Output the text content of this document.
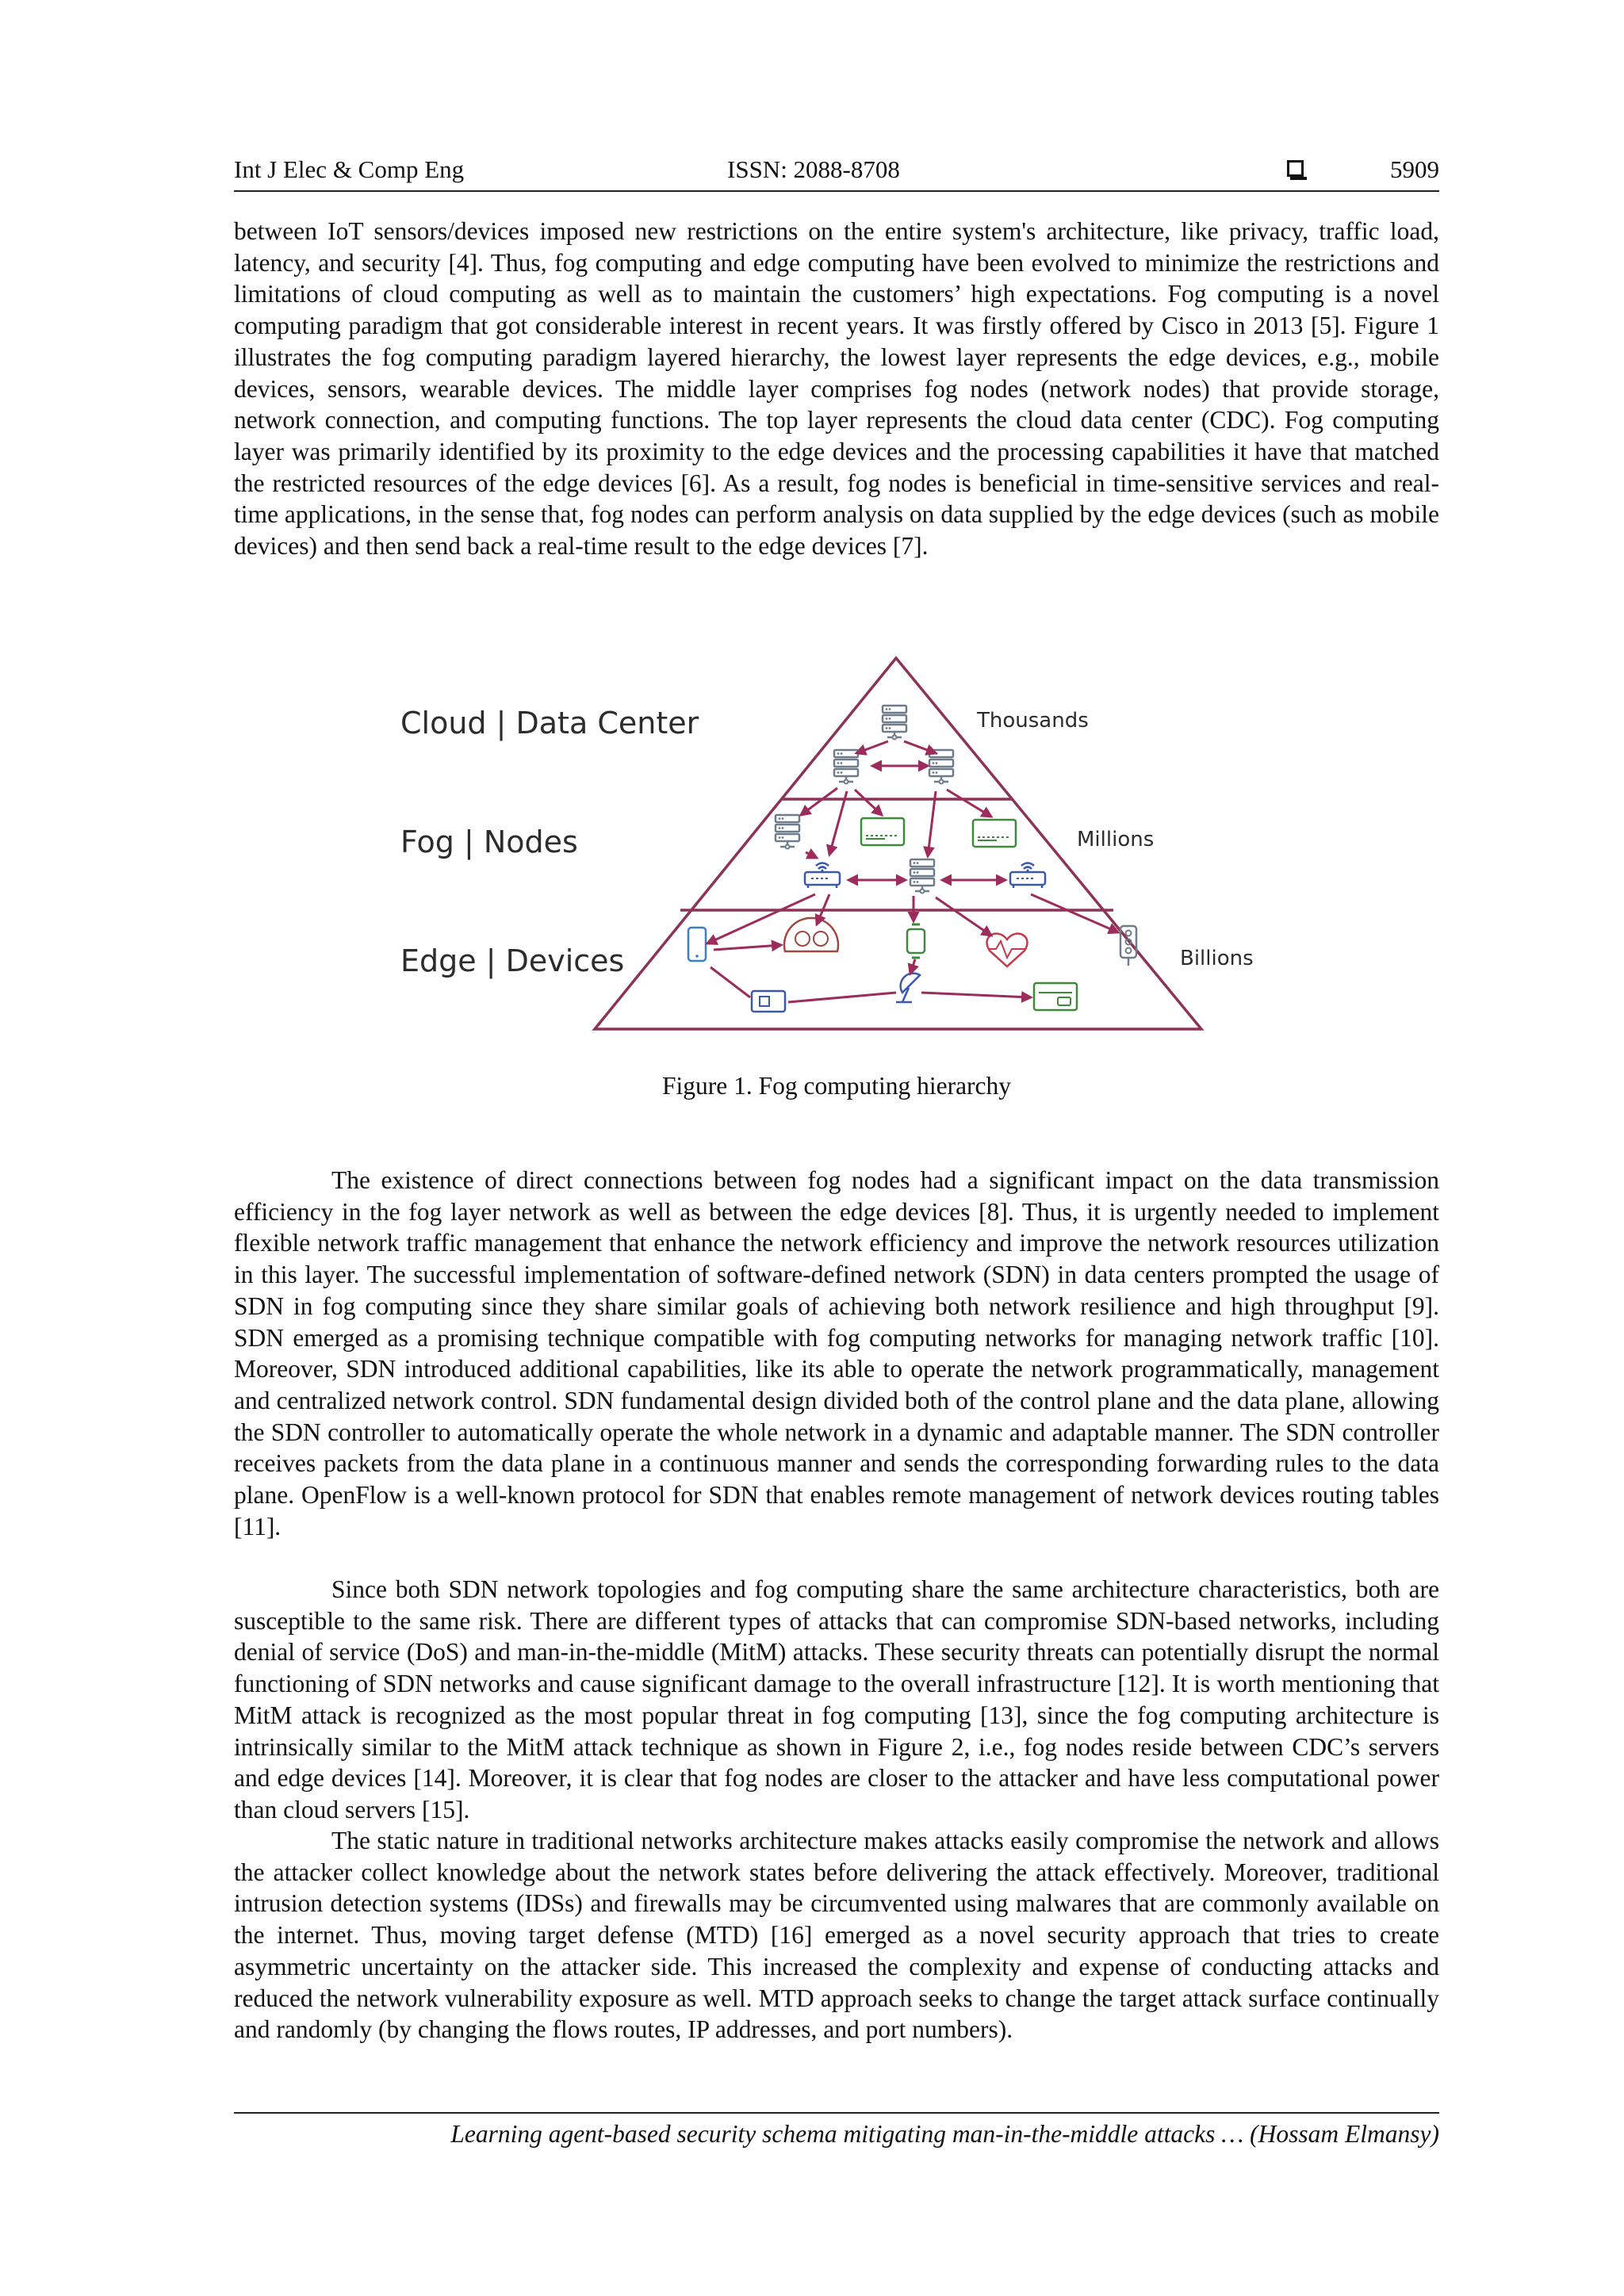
Int J Elec & Comp Eng	ISSN: 2088-8708	5909

between IoT sensors/devices imposed new restrictions on the entire system's architecture, like privacy, traffic load, latency, and security [4]. Thus, fog computing and edge computing have been evolved to minimize the restrictions and limitations of cloud computing as well as to maintain the customers’ high expectations. Fog computing is a novel computing paradigm that got considerable interest in recent years. It was firstly offered by Cisco in 2013 [5]. Figure 1 illustrates the fog computing paradigm layered hierarchy, the lowest layer represents the edge devices, e.g., mobile devices, sensors, wearable devices. The middle layer comprises fog nodes (network nodes) that provide storage, network connection, and computing functions. The top layer represents the cloud data center (CDC). Fog computing layer was primarily identified by its proximity to the edge devices and the processing capabilities it have that matched the restricted resources of the edge devices [6]. As a result, fog nodes is beneficial in time-sensitive services and real-time applications, in the sense that, fog nodes can perform analysis on data supplied by the edge devices (such as mobile devices) and then send back a real-time result to the edge devices [7].

Cloud | Data Center
Fog | Nodes
Edge | Devices
Thousands
Millions
Billions
Figure 1. Fog computing hierarchy

The existence of direct connections between fog nodes had a significant impact on the data transmission efficiency in the fog layer network as well as between the edge devices [8]. Thus, it is urgently needed to implement flexible network traffic management that enhance the network efficiency and improve the network resources utilization in this layer. The successful implementation of software-defined network (SDN) in data centers prompted the usage of SDN in fog computing since they share similar goals of achieving both network resilience and high throughput [9]. SDN emerged as a promising technique compatible with fog computing networks for managing network traffic [10]. Moreover, SDN introduced additional capabilities, like its able to operate the network programmatically, management and centralized network control. SDN fundamental design divided both of the control plane and the data plane, allowing the SDN controller to automatically operate the whole network in a dynamic and adaptable manner. The SDN controller receives packets from the data plane in a continuous manner and sends the corresponding forwarding rules to the data plane. OpenFlow is a well-known protocol for SDN that enables remote management of network devices routing tables [11].

Since both SDN network topologies and fog computing share the same architecture characteristics, both are susceptible to the same risk. There are different types of attacks that can compromise SDN-based networks, including denial of service (DoS) and man-in-the-middle (MitM) attacks. These security threats can potentially disrupt the normal functioning of SDN networks and cause significant damage to the overall infrastructure [12]. It is worth mentioning that MitM attack is recognized as the most popular threat in fog computing [13], since the fog computing architecture is intrinsically similar to the MitM attack technique as shown in Figure 2, i.e., fog nodes reside between CDC’s servers and edge devices [14]. Moreover, it is clear that fog nodes are closer to the attacker and have less computational power than cloud servers [15].

The static nature in traditional networks architecture makes attacks easily compromise the network and allows the attacker collect knowledge about the network states before delivering the attack effectively. Moreover, traditional intrusion detection systems (IDSs) and firewalls may be circumvented using malwares that are commonly available on the internet. Thus, moving target defense (MTD) [16] emerged as a novel security approach that tries to create asymmetric uncertainty on the attacker side. This increased the complexity and expense of conducting attacks and reduced the network vulnerability exposure as well. MTD approach seeks to change the target attack surface continually and randomly (by changing the flows routes, IP addresses, and port numbers).

Learning agent-based security schema mitigating man-in-the-middle attacks … (Hossam Elmansy)
